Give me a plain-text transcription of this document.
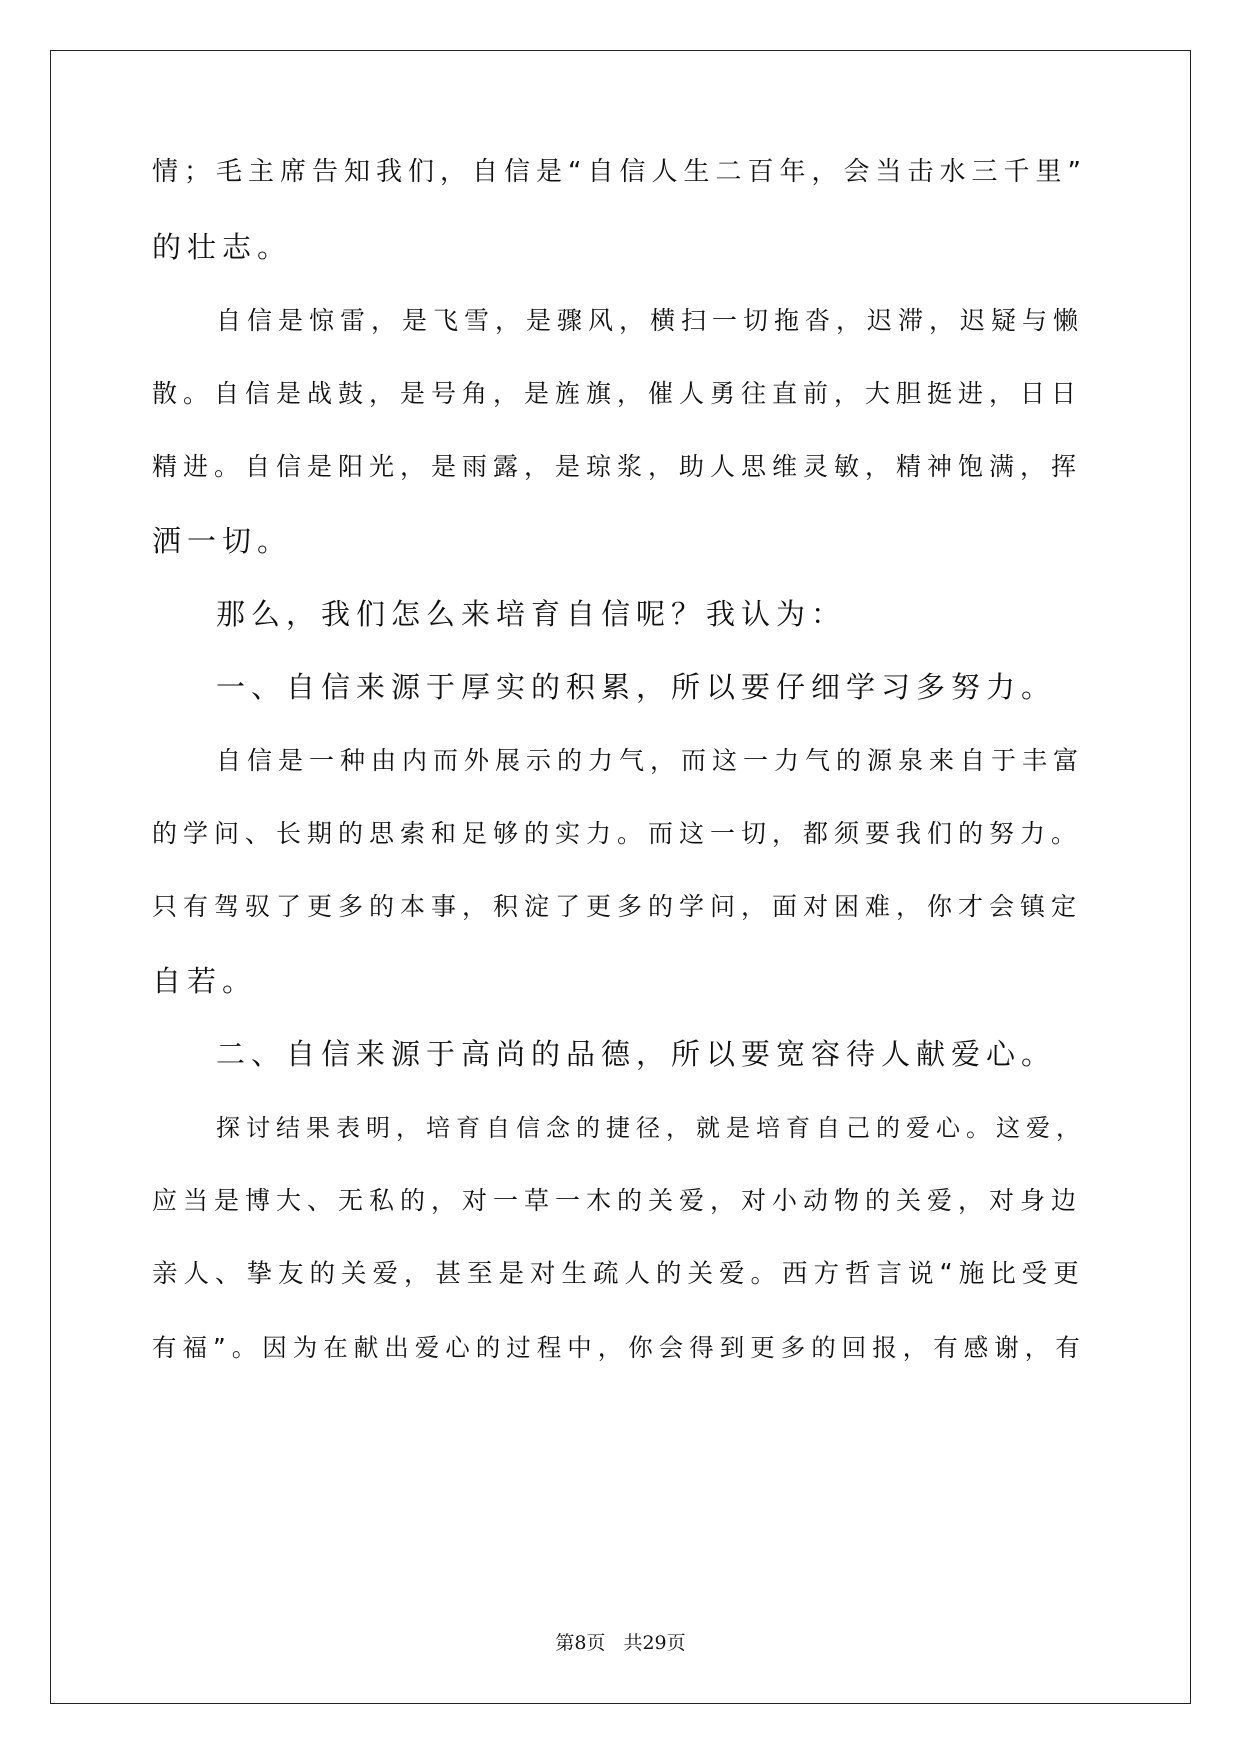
情；毛主席告知我们，自信是“自信人生二百年，会当击水三千里”
的壮志。
自信是惊雷，是飞雪，是骤风，横扫一切拖沓，迟滞，迟疑与懒
散。自信是战鼓，是号角，是旌旗，催人勇往直前，大胆挺进，日日
精进。自信是阳光，是雨露，是琼浆，助人思维灵敏，精神饱满，挥
洒一切。
那么，我们怎么来培育自信呢？我认为：
一、自信来源于厚实的积累，所以要仔细学习多努力。
自信是一种由内而外展示的力气，而这一力气的源泉来自于丰富
的学问、长期的思索和足够的实力。而这一切，都须要我们的努力。
只有驾驭了更多的本事，积淀了更多的学问，面对困难，你才会镇定
自若。
二、自信来源于高尚的品德，所以要宽容待人献爱心。
探讨结果表明，培育自信念的捷径，就是培育自己的爱心。这爱，
应当是博大、无私的，对一草一木的关爱，对小动物的关爱，对身边
亲人、挚友的关爱，甚至是对生疏人的关爱。西方哲言说“施比受更
有福”。因为在献出爱心的过程中，你会得到更多的回报，有感谢，有
第8页 共29页
